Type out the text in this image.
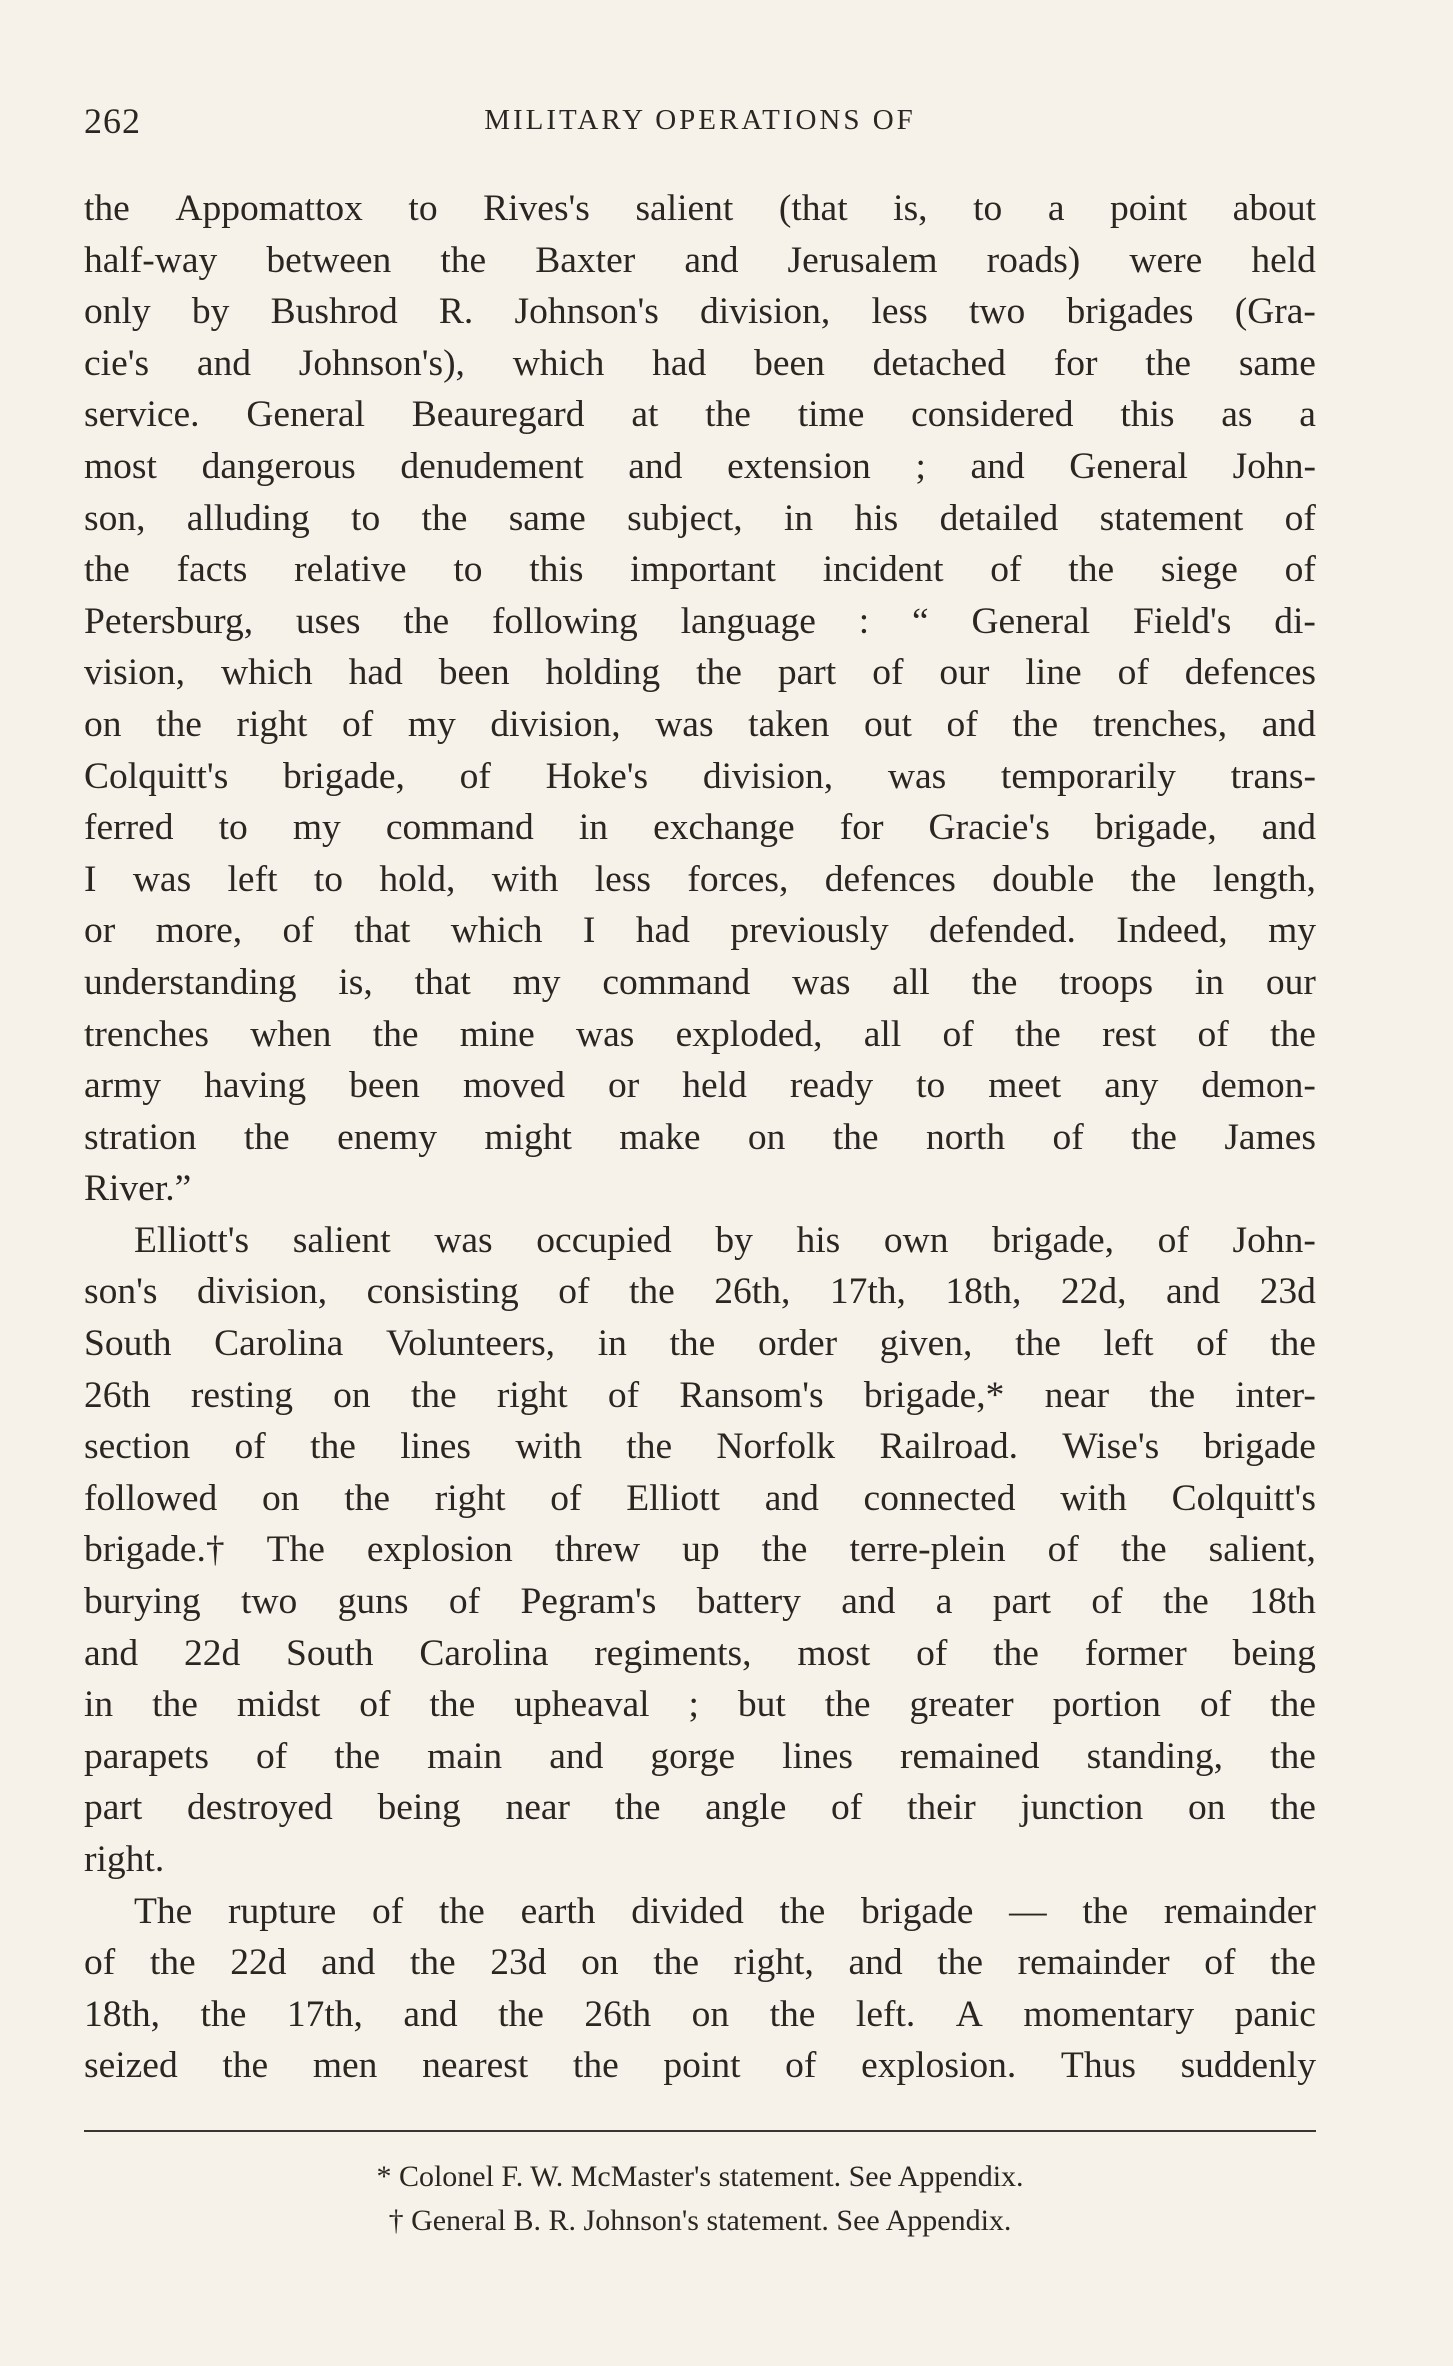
262	MILITARY OPERATIONS OF
the Appomattox to Rives's salient (that is, to a point about
half-way between the Baxter and Jerusalem roads) were held
only by Bushrod R. Johnson's division, less two brigades (Gra-
cie's and Johnson's), which had been detached for the same
service. General Beauregard at the time considered this as a
most dangerous denudement and extension ; and General John-
son, alluding to the same subject, in his detailed statement of
the facts relative to this important incident of the siege of
Petersburg, uses the following language : “ General Field's di-
vision, which had been holding the part of our line of defences
on the right of my division, was taken out of the trenches, and
Colquitt's brigade, of Hoke's division, was temporarily trans-
ferred to my command in exchange for Gracie's brigade, and
I was left to hold, with less forces, defences double the length,
or more, of that which I had previously defended. Indeed, my
understanding is, that my command was all the troops in our
trenches when the mine was exploded, all of the rest of the
army having been moved or held ready to meet any demon-
stration the enemy might make on the north of the James
River.”
Elliott's salient was occupied by his own brigade, of John-
son's division, consisting of the 26th, 17th, 18th, 22d, and 23d
South Carolina Volunteers, in the order given, the left of the
26th resting on the right of Ransom's brigade,* near the inter-
section of the lines with the Norfolk Railroad. Wise's brigade
followed on the right of Elliott and connected with Colquitt's
brigade.† The explosion threw up the terre-plein of the salient,
burying two guns of Pegram's battery and a part of the 18th
and 22d South Carolina regiments, most of the former being
in the midst of the upheaval ; but the greater portion of the
parapets of the main and gorge lines remained standing, the
part destroyed being near the angle of their junction on the
right.
The rupture of the earth divided the brigade — the remainder
of the 22d and the 23d on the right, and the remainder of the
18th, the 17th, and the 26th on the left. A momentary panic
seized the men nearest the point of explosion. Thus suddenly
* Colonel F. W. McMaster's statement. See Appendix.
† General B. R. Johnson's statement. See Appendix.
